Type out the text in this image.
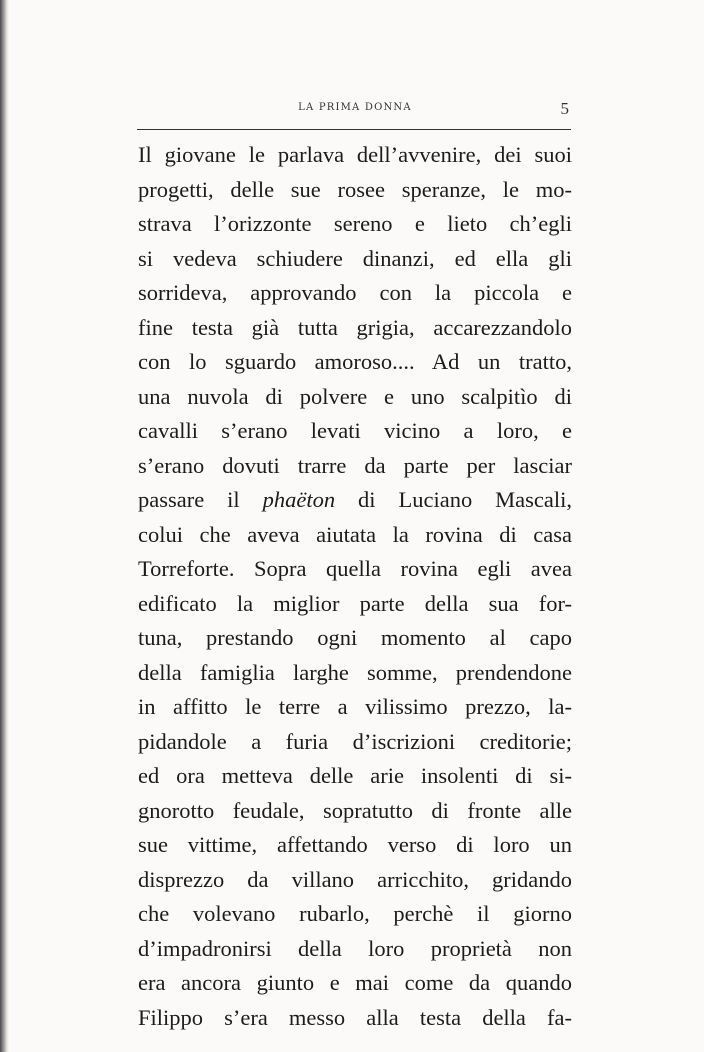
LA PRIMA DONNA	5
Il giovane le parlava dell’avvenire, dei suoi
progetti, delle sue rosee speranze, le mo-
strava l’orizzonte sereno e lieto ch’egli
si vedeva schiudere dinanzi, ed ella gli
sorrideva, approvando con la piccola e
fine testa già tutta grigia, accarezzandolo
con lo sguardo amoroso.... Ad un tratto,
una nuvola di polvere e uno scalpitìo di
cavalli s’erano levati vicino a loro, e
s’erano dovuti trarre da parte per lasciar
passare il phaëton di Luciano Mascali,
colui che aveva aiutata la rovina di casa
Torreforte. Sopra quella rovina egli avea
edificato la miglior parte della sua for-
tuna, prestando ogni momento al capo
della famiglia larghe somme, prendendone
in affitto le terre a vilissimo prezzo, la-
pidandole a furia d’iscrizioni creditorie;
ed ora metteva delle arie insolenti di si-
gnorotto feudale, sopratutto di fronte alle
sue vittime, affettando verso di loro un
disprezzo da villano arricchito, gridando
che volevano rubarlo, perchè il giorno
d’impadronirsi della loro proprietà non
era ancora giunto e mai come da quando
Filippo s’era messo alla testa della fa-
